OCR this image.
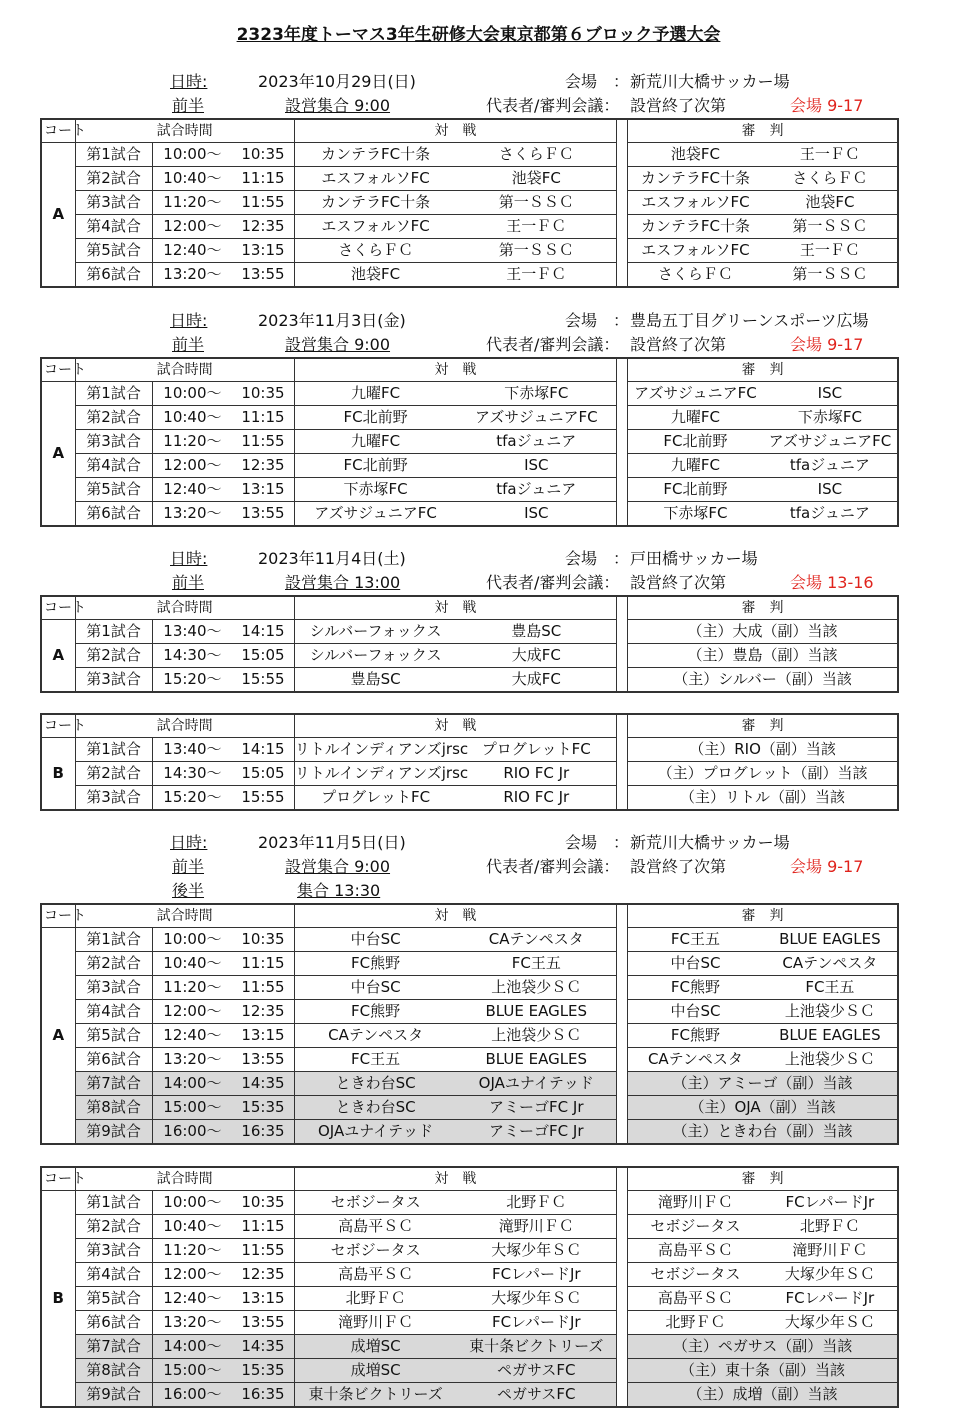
2323年度トーマス3年生研修大会東京都第６ブロック予選大会
日時:	2023年10月29日(日)	会場 ： 新荒川大橋サッカー場
前半	設営集合 9:00	代表者/審判会議： 設営終了次第	会場 9-17
コート	試合時間			対　戦			審　判	
A	第1試合	10:00～	10:35	カンテラFC十条	さくらＦＣ		池袋FC	王一ＦＣ
	第2試合	10:40～	11:15	エスフォルソFC	池袋FC		カンテラFC十条	さくらＦＣ
	第3試合	11:20～	11:55	カンテラFC十条	第一ＳＳＣ		エスフォルソFC	池袋FC
	第4試合	12:00～	12:35	エスフォルソFC	王一ＦＣ		カンテラFC十条	第一ＳＳＣ
	第5試合	12:40～	13:15	さくらＦＣ	第一ＳＳＣ		エスフォルソFC	王一ＦＣ
	第6試合	13:20～	13:55	池袋FC	王一ＦＣ		さくらＦＣ	第一ＳＳＣ
日時:	2023年11月3日(金)	会場 ： 豊島五丁目グリーンスポーツ広場
前半	設営集合 9:00	代表者/審判会議： 設営終了次第	会場 9-17
コート	試合時間			対　戦			審　判	
A	第1試合	10:00～	10:35	九曜FC	下赤塚FC		アズサジュニアFC	ISC
	第2試合	10:40～	11:15	FC北前野	アズサジュニアFC		九曜FC	下赤塚FC
	第3試合	11:20～	11:55	九曜FC	tfaジュニア		FC北前野	アズサジュニアFC
	第4試合	12:00～	12:35	FC北前野	ISC		九曜FC	tfaジュニア
	第5試合	12:40～	13:15	下赤塚FC	tfaジュニア		FC北前野	ISC
	第6試合	13:20～	13:55	アズサジュニアFC	ISC		下赤塚FC	tfaジュニア
日時:	2023年11月4日(土)	会場 ： 戸田橋サッカー場
前半	設営集合 13:00	代表者/審判会議： 設営終了次第	会場 13-16
コート	試合時間			対　戦			審　判
A	第1試合	13:40～	14:15	シルバーフォックス	豊島SC		（主）大成（副）当該
	第2試合	14:30～	15:05	シルバーフォックス	大成FC		（主）豊島（副）当該
	第3試合	15:20～	15:55	豊島SC	大成FC		（主）シルバー（副）当該
コート	試合時間			対　戦			審　判
B	第1試合	13:40～	14:15	リトルインディアンズjrsc	プログレットFC		（主）RIO（副）当該
	第2試合	14:30～	15:05	リトルインディアンズjrsc	RIO FC Jr		（主）プログレット（副）当該
	第3試合	15:20～	15:55	プログレットFC	RIO FC Jr		（主）リトル（副）当該
日時:	2023年11月5日(日)	会場 ： 新荒川大橋サッカー場
前半	設営集合 9:00	代表者/審判会議： 設営終了次第	会場 9-17
後半	集合 13:30
コート	試合時間			対　戦			審　判	
A	第1試合	10:00～	10:35	中台SC	CAテンペスタ		FC王五	BLUE EAGLES
	第2試合	10:40～	11:15	FC熊野	FC王五		中台SC	CAテンペスタ
	第3試合	11:20～	11:55	中台SC	上池袋少ＳＣ		FC熊野	FC王五
	第4試合	12:00～	12:35	FC熊野	BLUE EAGLES		中台SC	上池袋少ＳＣ
	第5試合	12:40～	13:15	CAテンペスタ	上池袋少ＳＣ		FC熊野	BLUE EAGLES
	第6試合	13:20～	13:55	FC王五	BLUE EAGLES		CAテンペスタ	上池袋少ＳＣ
	第7試合	14:00～	14:35	ときわ台SC	OJAユナイテッド		（主）アミーゴ（副）当該	
	第8試合	15:00～	15:35	ときわ台SC	アミーゴFC Jr		（主）OJA（副）当該	
	第9試合	16:00～	16:35	OJAユナイテッド	アミーゴFC Jr		（主）ときわ台（副）当該	
コート	試合時間			対　戦			審　判	
B	第1試合	10:00～	10:35	セボジータス	北野ＦＣ		滝野川ＦＣ	FCレパードJr
	第2試合	10:40～	11:15	高島平ＳＣ	滝野川ＦＣ		セボジータス	北野ＦＣ
	第3試合	11:20～	11:55	セボジータス	大塚少年ＳＣ		高島平ＳＣ	滝野川ＦＣ
	第4試合	12:00～	12:35	高島平ＳＣ	FCレパードJr		セボジータス	大塚少年ＳＣ
	第5試合	12:40～	13:15	北野ＦＣ	大塚少年ＳＣ		高島平ＳＣ	FCレパードJr
	第6試合	13:20～	13:55	滝野川ＦＣ	FCレパードJr		北野ＦＣ	大塚少年ＳＣ
	第7試合	14:00～	14:35	成増SC	東十条ビクトリーズ		（主）ペガサス（副）当該	
	第8試合	15:00～	15:35	成増SC	ペガサスFC		（主）東十条（副）当該	
	第9試合	16:00～	16:35	東十条ビクトリーズ	ペガサスFC		（主）成増（副）当該	
